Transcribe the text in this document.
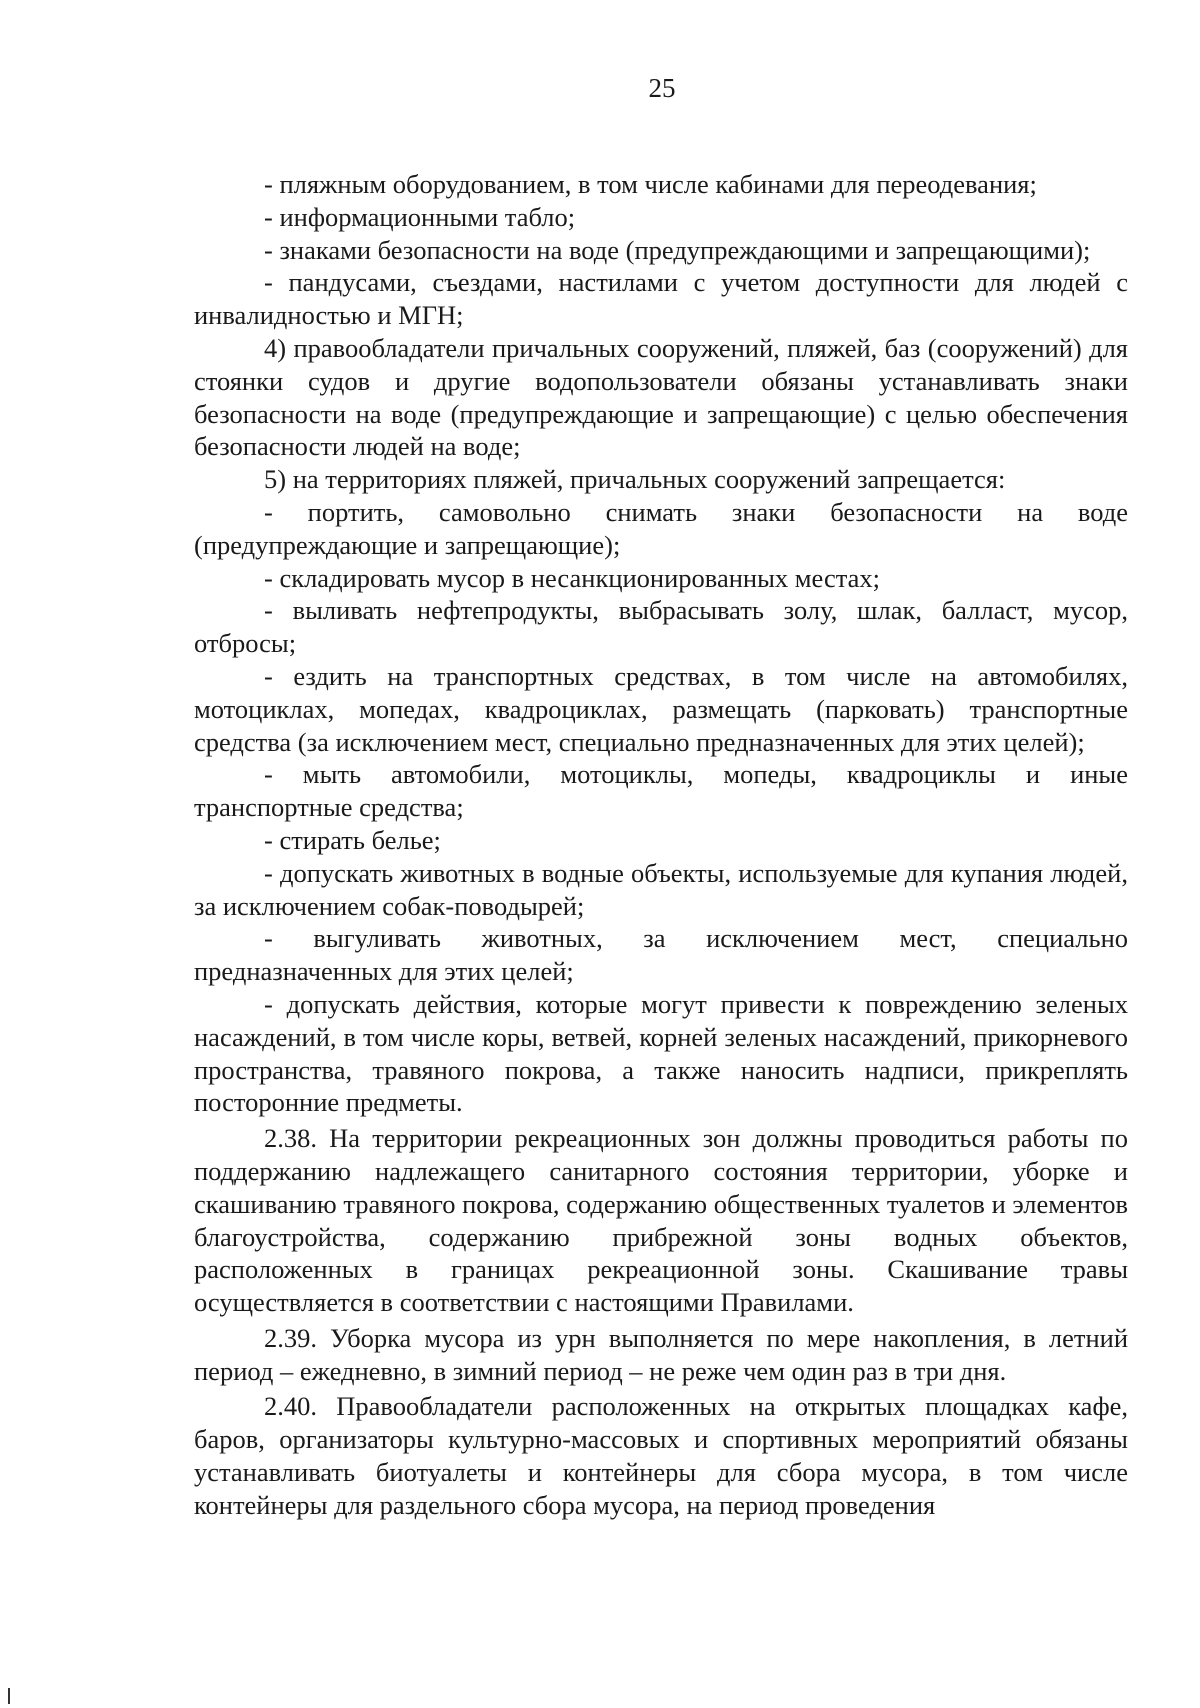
25

- пляжным оборудованием, в том числе кабинами для переодевания;

- информационными табло;

- знаками безопасности на воде (предупреждающими и запрещающими);

- пандусами, съездами, настилами с учетом доступности для людей с инвалидностью и МГН;

4) правообладатели причальных сооружений, пляжей, баз (сооружений) для стоянки судов и другие водопользователи обязаны устанавливать знаки безопасности на воде (предупреждающие и запрещающие) с целью обеспечения безопасности людей на воде;

5) на территориях пляжей, причальных сооружений запрещается:

- портить, самовольно снимать знаки безопасности на воде (предупреждающие и запрещающие);

- складировать мусор в несанкционированных местах;

- выливать нефтепродукты, выбрасывать золу, шлак, балласт, мусор, отбросы;

- ездить на транспортных средствах, в том числе на автомобилях, мотоциклах, мопедах, квадроциклах, размещать (парковать) транспортные средства (за исключением мест, специально предназначенных для этих целей);

- мыть автомобили, мотоциклы, мопеды, квадроциклы и иные транспортные средства;

- стирать белье;

- допускать животных в водные объекты, используемые для купания людей, за исключением собак-поводырей;

- выгуливать животных, за исключением мест, специально предназначенных для этих целей;

- допускать действия, которые могут привести к повреждению зеленых насаждений, в том числе коры, ветвей, корней зеленых насаждений, прикорневого пространства, травяного покрова, а также наносить надписи, прикреплять посторонние предметы.

2.38. На территории рекреационных зон должны проводиться работы по поддержанию надлежащего санитарного состояния территории, уборке и скашиванию травяного покрова, содержанию общественных туалетов и элементов благоустройства, содержанию прибрежной зоны водных объектов, расположенных в границах рекреационной зоны. Скашивание травы осуществляется в соответствии с настоящими Правилами.

2.39. Уборка мусора из урн выполняется по мере накопления, в летний период – ежедневно, в зимний период – не реже чем один раз в три дня.

2.40. Правообладатели расположенных на открытых площадках кафе, баров, организаторы культурно-массовых и спортивных мероприятий обязаны устанавливать биотуалеты и контейнеры для сбора мусора, в том числе контейнеры для раздельного сбора мусора, на период проведения
